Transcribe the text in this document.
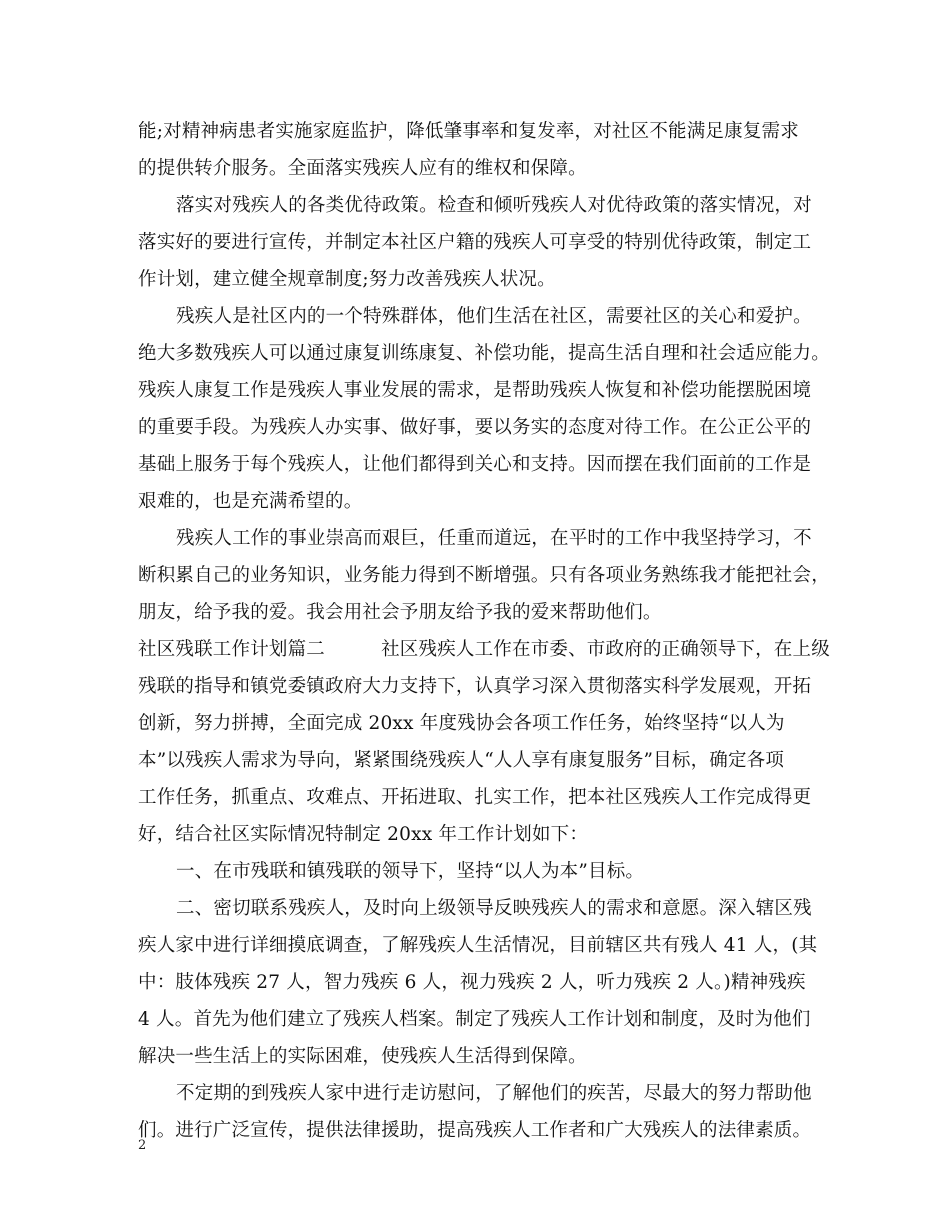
能;对精神病患者实施家庭监护，降低肇事率和复发率，对社区不能满足康复需求
的提供转介服务。全面落实残疾人应有的维权和保障。
落实对残疾人的各类优待政策。检查和倾听残疾人对优待政策的落实情况，对
落实好的要进行宣传，并制定本社区户籍的残疾人可享受的特别优待政策，制定工
作计划，建立健全规章制度;努力改善残疾人状况。
残疾人是社区内的一个特殊群体，他们生活在社区，需要社区的关心和爱护。
绝大多数残疾人可以通过康复训练康复、补偿功能，提高生活自理和社会适应能力。
残疾人康复工作是残疾人事业发展的需求，是帮助残疾人恢复和补偿功能摆脱困境
的重要手段。为残疾人办实事、做好事，要以务实的态度对待工作。在公正公平的
基础上服务于每个残疾人，让他们都得到关心和支持。因而摆在我们面前的工作是
艰难的，也是充满希望的。
残疾人工作的事业崇高而艰巨，任重而道远，在平时的工作中我坚持学习，不
断积累自己的业务知识，业务能力得到不断增强。只有各项业务熟练我才能把社会，
朋友，给予我的爱。我会用社会予朋友给予我的爱来帮助他们。
社区残联工作计划篇二　　　社区残疾人工作在市委、市政府的正确领导下，在上级
残联的指导和镇党委镇政府大力支持下，认真学习深入贯彻落实科学发展观，开拓
创新，努力拼搏，全面完成 20xx 年度残协会各项工作任务，始终坚持“以人为
本”以残疾人需求为导向，紧紧围绕残疾人“人人享有康复服务”目标，确定各项
工作任务，抓重点、攻难点、开拓进取、扎实工作，把本社区残疾人工作完成得更
好，结合社区实际情况特制定 20xx 年工作计划如下：
一、在市残联和镇残联的领导下，坚持“以人为本”目标。
二、密切联系残疾人，及时向上级领导反映残疾人的需求和意愿。深入辖区残
疾人家中进行详细摸底调查，了解残疾人生活情况，目前辖区共有残人 41 人，(其
中：肢体残疾 27 人，智力残疾 6 人，视力残疾 2 人，听力残疾 2 人。)精神残疾
4 人。首先为他们建立了残疾人档案。制定了残疾人工作计划和制度，及时为他们
解决一些生活上的实际困难，使残疾人生活得到保障。
不定期的到残疾人家中进行走访慰问，了解他们的疾苦，尽最大的努力帮助他
们。进行广泛宣传，提供法律援助，提高残疾人工作者和广大残疾人的法律素质。
2
